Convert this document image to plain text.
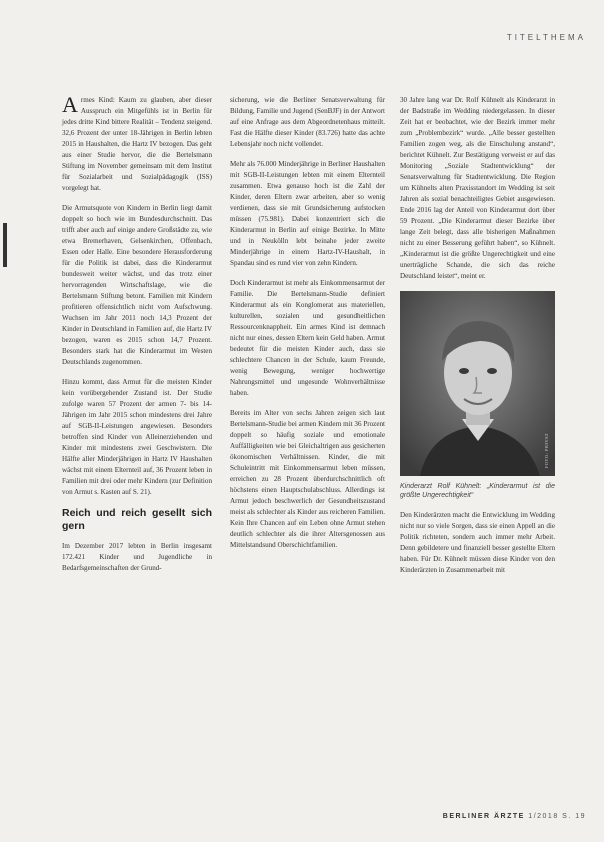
TITELTHEMA

Armes Kind: Kaum zu glauben, aber dieser Ausspruch ein Mitgefühls ist in Berlin für jedes dritte Kind bittere Realität – Tendenz steigend. 32,6 Prozent der unter 18-Jährigen in Berlin lebten 2015 in Haushalten, die Hartz IV bezogen. Das geht aus einer Studie hervor, die die Bertelsmann Stiftung im November gemeinsam mit dem Institut für Sozialarbeit und Sozialpädagogik (ISS) vorgelegt hat.

Die Armutsquote von Kindern in Berlin liegt damit doppelt so hoch wie im Bundesdurchschnitt. Das trifft aber auch auf einige andere Großstädte zu, wie etwa Bremerhaven, Gelsenkirchen, Offenbach, Essen oder Halle. Eine besondere Herausforderung für die Politik ist dabei, dass die Kinderarmut bundesweit weiter wächst, und das trotz einer hervorragenden Wirtschaftslage, wie die Bertelsmann Stiftung betont. Familien mit Kindern profitieren offensichtlich nicht vom Aufschwung. Wuchsen im Jahr 2011 noch 14,3 Prozent der Kinder in Deutschland in Familien auf, die Hartz IV bezogen, waren es 2015 schon 14,7 Prozent. Besonders stark hat die Kinderarmut im Westen Deutschlands zugenommen.

Hinzu kommt, dass Armut für die meisten Kinder kein vorübergehender Zustand ist. Der Studie zufolge waren 57 Prozent der armen 7- bis 14-Jährigen im Jahr 2015 schon mindestens drei Jahre auf SGB-II-Leistungen angewiesen. Besonders betroffen sind Kinder von Alleinerziehenden und Kinder mit mindestens zwei Geschwistern. Die Hälfte aller Minderjährigen in Hartz IV Haushalten wächst mit einem Elternteil auf, 36 Prozent leben in Familien mit drei oder mehr Kindern (zur Definition von Armut s. Kasten auf S. 21).

Reich und reich gesellt sich gern

Im Dezember 2017 lebten in Berlin insgesamt 172.421 Kinder und Jugendliche in Bedarfsgemeinschaften der Grund-

sicherung, wie die Berliner Senatsverwaltung für Bildung, Familie und Jugend (SenBJF) in der Antwort auf eine Anfrage aus dem Abgeordnetenhaus mitteilt. Fast die Hälfte dieser Kinder (83.726) hatte das achte Lebensjahr noch nicht vollendet.

Mehr als 76.000 Minderjährige in Berliner Haushalten mit SGB-II-Leistungen lebten mit einem Elternteil zusammen. Etwa genauso hoch ist die Zahl der Kinder, deren Eltern zwar arbeiten, aber so wenig verdienen, dass sie mit Grundsicherung aufstocken müssen (75.981). Dabei konzentriert sich die Kinderarmut in Berlin auf einige Bezirke. In Mitte und in Neukölln lebt beinahe jeder zweite Minderjährige in einem Hartz-IV-Haushalt, in Spandau sind es rund vier von zehn Kindern.

Doch Kinderarmut ist mehr als Einkommensarmut der Familie. Die Bertelsmann-Studie definiert Kinderarmut als ein Konglomerat aus materiellen, kulturellen, sozialen und gesundheitlichen Ressourcenknappheit. Ein armes Kind ist demnach nicht nur eines, dessen Eltern kein Geld haben. Armut bedeutet für die meisten Kinder auch, dass sie schlechtere Chancen in der Schule, kaum Freunde, wenig Bewegung, weniger hochwertige Nahrungsmittel und ungesunde Wohnverhältnisse haben.

Bereits im Alter von sechs Jahren zeigen sich laut Bertelsmann-Studie bei armen Kindern mit 36 Prozent doppelt so häufig soziale und emotionale Auffälligkeiten wie bei Gleichaltrigen aus gesicherten ökonomischen Verhältnissen. Kinder, die mit Schuleintritt mit Einkommensarmut leben müssen, erreichen zu 28 Prozent überdurchschnittlich oft höchstens einen Hauptschulabschluss. Allerdings ist Armut jedoch beschwerlich der Gesundheitszustand meist als schlechter als Kinder aus reicheren Familien. Kein Ihre Chancen auf ein Leben ohne Armut stehen deutlich schlechter als die ihrer Altersgenossen aus Mittelstandsund Oberschichtfamilien.

30 Jahre lang war Dr. Rolf Kühnelt als Kinderarzt in der Badstraße im Wedding niedergelassen. In dieser Zeit hat er beobachtet, wie der Bezirk immer mehr zum „Problembezirk“ wurde. „Alle besser gestellten Familien zogen weg, als die Einschulung anstand“, berichtet Kühnelt. Zur Bestätigung verweist er auf das Monitoring „Soziale Stadtentwicklung“ der Senatsverwaltung für Stadtentwicklung. Die Region um Kühnelts alten Praxisstandort im Wedding ist seit Jahren als sozial benachteiligtes Gebiet ausgewiesen. Ende 2016 lag der Anteil von Kinderarmut dort über 59 Prozent. „Die Kinderarmut dieser Bezirke über lange Zeit belegt, dass alle bisherigen Maßnahmen nicht zu einer Besserung geführt haben“, so Kühnelt. „Kinderarmut ist die größte Ungerechtigkeit und eine unerträgliche Schande, die sich das reiche Deutschland leistet“, meint er.

FOTO: PRIVAT
Kinderarzt Rolf Kühnelt: „Kinderarmut ist die größte Ungerechtigkeit“

Den Kinderärzten macht die Entwicklung im Wedding nicht nur so viele Sorgen, dass sie einen Appell an die Politik richteten, sondern auch immer mehr Arbeit. Denn gebildetere und finanziell besser gestellte Eltern haben. Für Dr. Kühnelt müssen diese Kinder von den Kinderärzten in Zusammenarbeit mit

BERLINER ÄRZTE 1/2018 S. 19
